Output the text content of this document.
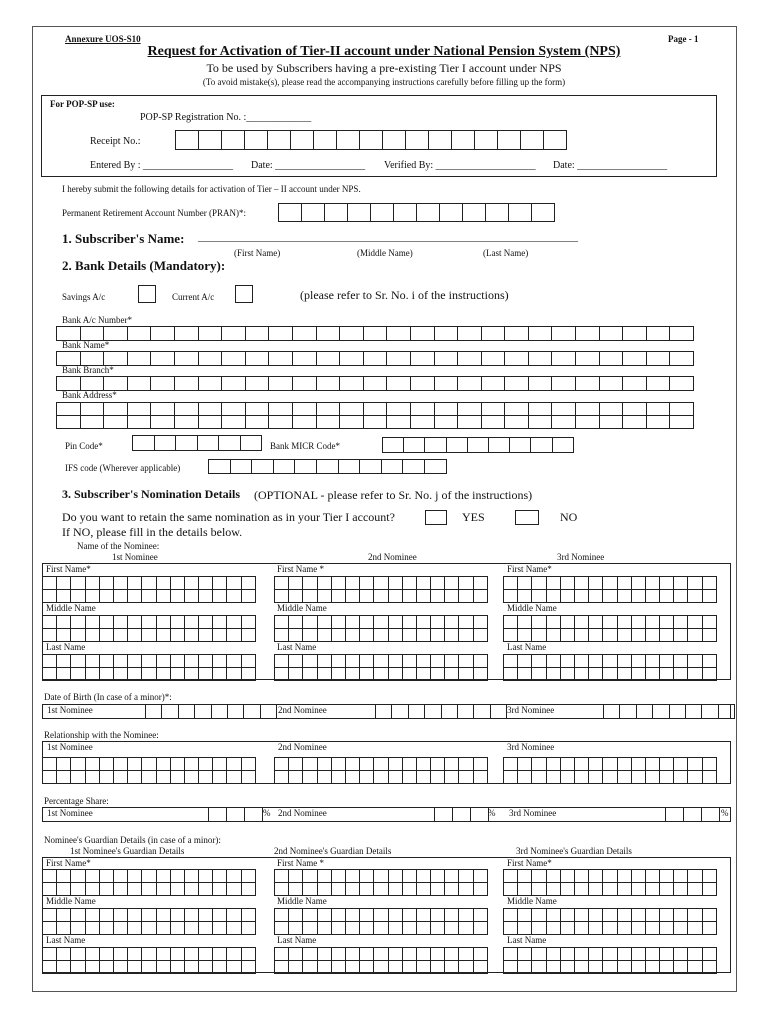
Annexure UOS-S10	Page - 1
Request for Activation of Tier-II account under National Pension System (NPS)
To be used by Subscribers having a pre-existing Tier I account under NPS
(To avoid mistake(s), please read the accompanying instructions carefully before filling up the form)
For POP-SP use:
POP-SP Registration No. :_____________
Receipt No.:
Entered By : __________________ Date: __________________ Verified By: ____________________ Date: __________________
I hereby submit the following details for activation of Tier – II account under NPS.
Permanent Retirement Account Number (PRAN)*:
1. Subscriber's Name: ____________________________________________________________________________
(First Name)	(Middle Name)	(Last Name)
2. Bank Details (Mandatory):
Savings A/c	Current A/c	(please refer to Sr. No. i of the instructions)
Bank A/c Number*
Bank Name*
Bank Branch*
Bank Address*
Pin Code*	Bank MICR Code*
IFS code (Wherever applicable)
3. Subscriber's Nomination Details (OPTIONAL - please refer to Sr. No. j of the instructions)
Do you want to retain the same nomination as in your Tier I account?	YES	NO
If NO, please fill in the details below.
Name of the Nominee:
1st Nominee	2nd Nominee	3rd Nominee
First Name*	First Name *	First Name*
Middle Name	Middle Name	Middle Name
Last Name	Last Name	Last Name
Date of Birth (In case of a minor)*:
1st Nominee	2nd Nominee	3rd Nominee
Relationship with the Nominee:
1st Nominee	2nd Nominee	3rd Nominee
Percentage Share:
1st Nominee	2nd Nominee	3rd Nominee
%	%	%
Nominee's Guardian Details (in case of a minor):
1st Nominee's Guardian Details	2nd Nominee's Guardian Details	3rd Nominee's Guardian Details
First Name*	First Name *	First Name*
Middle Name	Middle Name	Middle Name
Last Name	Last Name	Last Name
